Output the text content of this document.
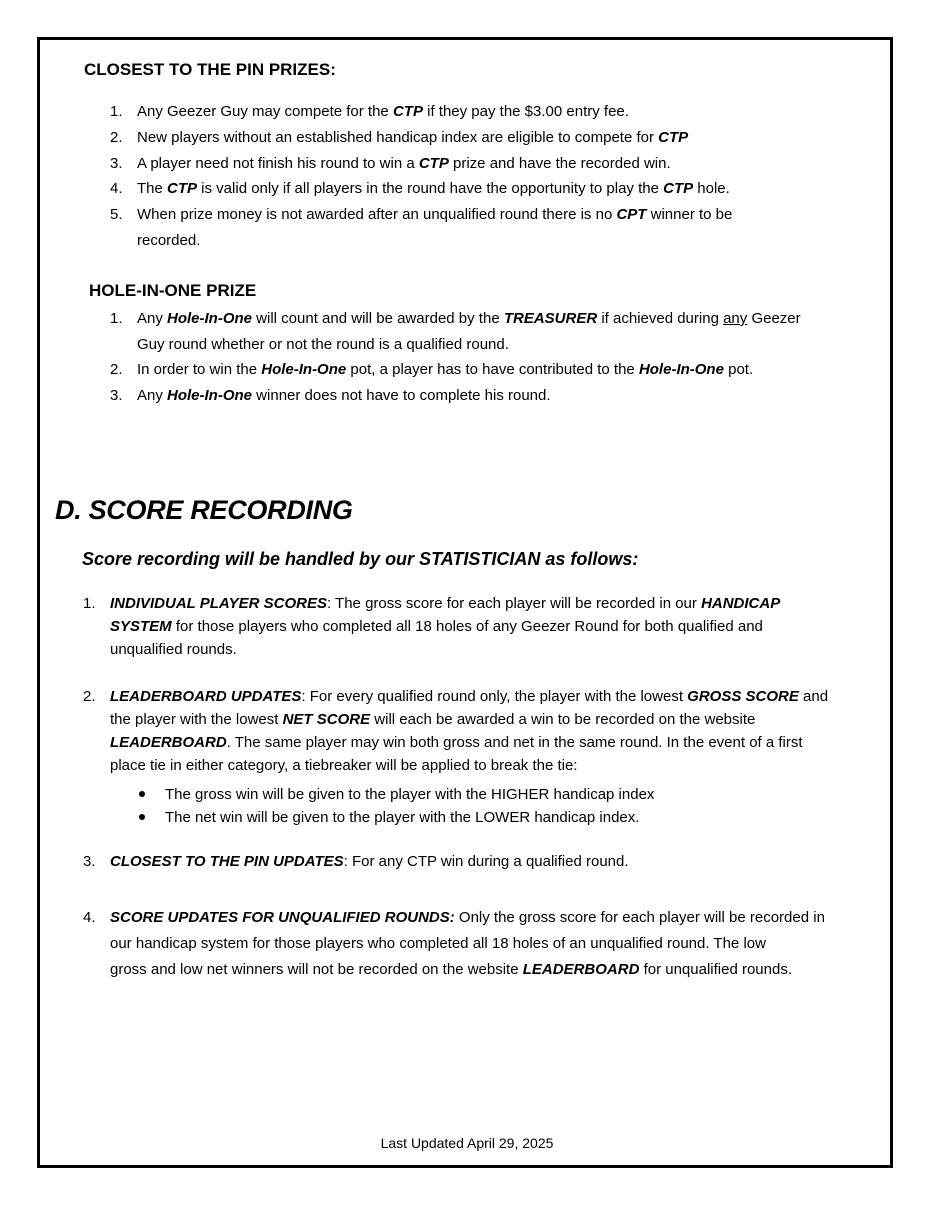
CLOSEST TO THE PIN PRIZES:
1. Any Geezer Guy may compete for the CTP if they pay the $3.00 entry fee.
2. New players without an established handicap index are eligible to compete for CTP
3. A player need not finish his round to win a CTP prize and have the recorded win.
4. The CTP is valid only if all players in the round have the opportunity to play the CTP hole.
5. When prize money is not awarded after an unqualified round there is no CPT winner to be
recorded.
HOLE-IN-ONE PRIZE
1. Any Hole-In-One will count and will be awarded by the TREASURER if achieved during any Geezer
Guy round whether or not the round is a qualified round.
2. In order to win the Hole-In-One pot, a player has to have contributed to the Hole-In-One pot.
3. Any Hole-In-One winner does not have to complete his round.
D. SCORE RECORDING
Score recording will be handled by our STATISTICIAN as follows:
1. INDIVIDUAL PLAYER SCORES: The gross score for each player will be recorded in our HANDICAP
SYSTEM for those players who completed all 18 holes of any Geezer Round for both qualified and
unqualified rounds.
2. LEADERBOARD UPDATES: For every qualified round only, the player with the lowest GROSS SCORE and
the player with the lowest NET SCORE will each be awarded a win to be recorded on the website
LEADERBOARD. The same player may win both gross and net in the same round. In the event of a first
place tie in either category, a tiebreaker will be applied to break the tie:
The gross win will be given to the player with the HIGHER handicap index
The net win will be given to the player with the LOWER handicap index.
3. CLOSEST TO THE PIN UPDATES: For any CTP win during a qualified round.
4. SCORE UPDATES FOR UNQUALIFIED ROUNDS: Only the gross score for each player will be recorded in
our handicap system for those players who completed all 18 holes of an unqualified round. The low
gross and low net winners will not be recorded on the website LEADERBOARD for unqualified rounds.
Last Updated April 29, 2025
